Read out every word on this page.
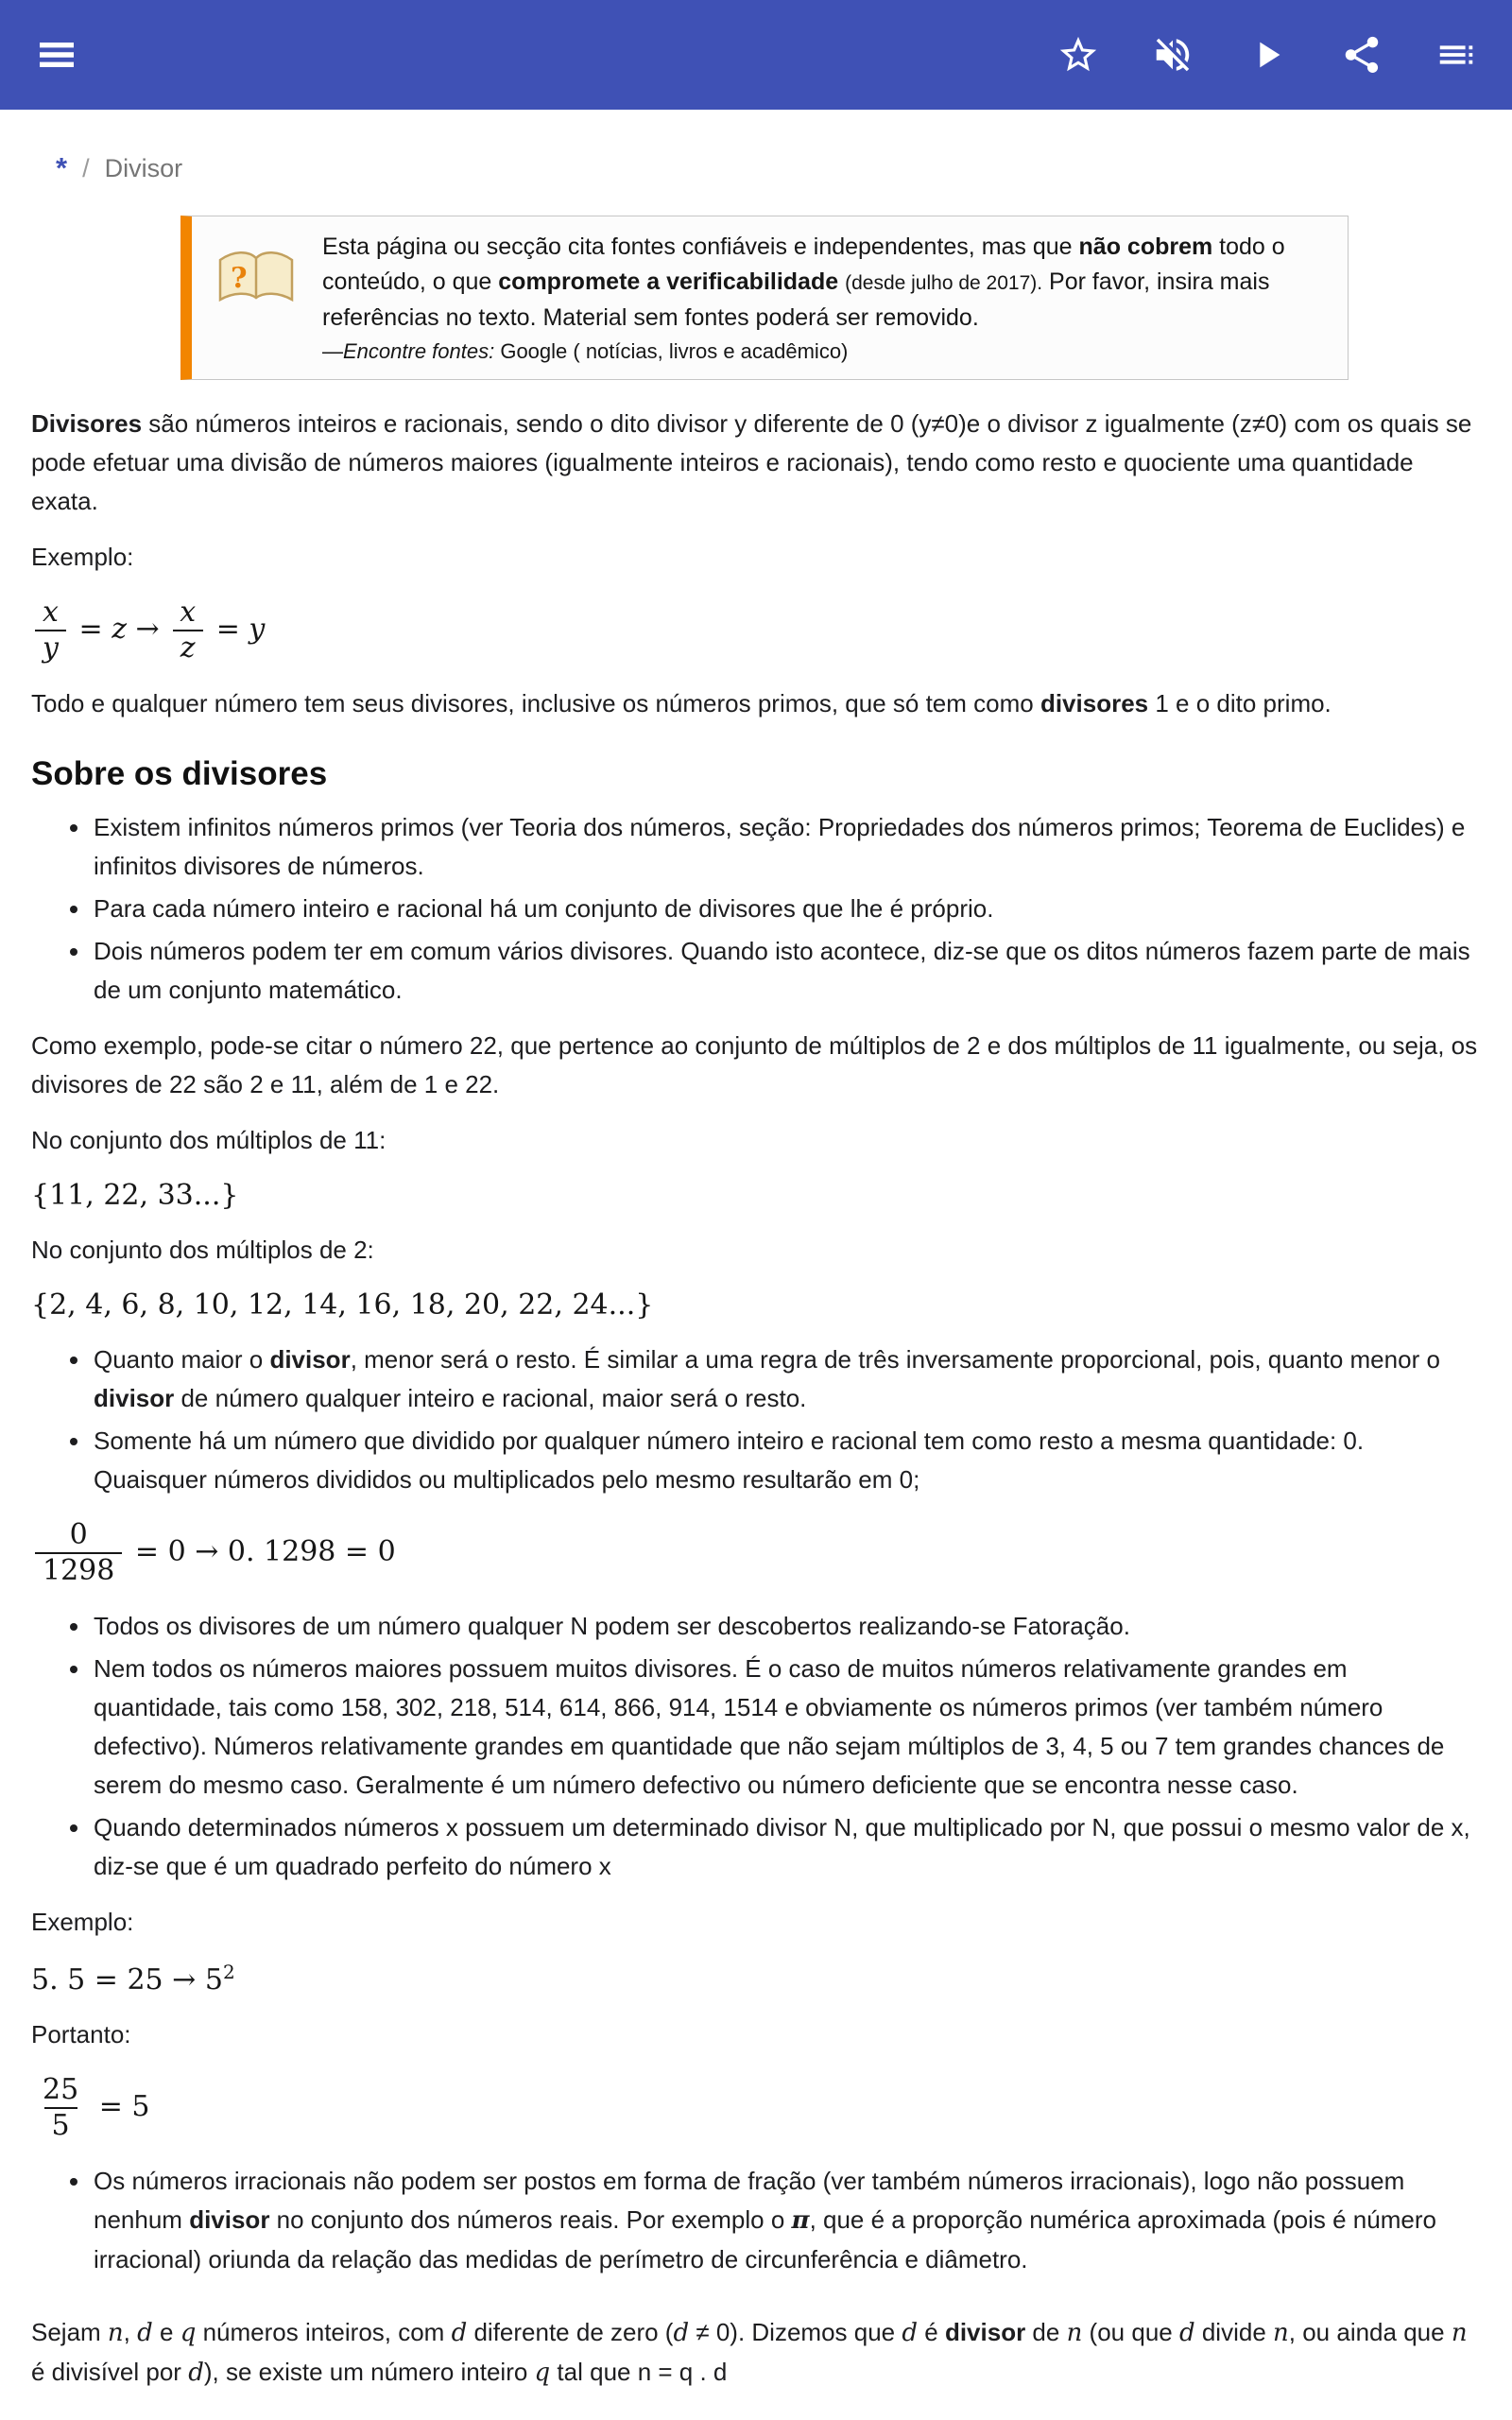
* / Divisor
?

Esta página ou secção cita fontes confiáveis e independentes, mas que não cobrem todo o conteúdo, o que compromete a verificabilidade (desde julho de 2017). Por favor, insira mais referências no texto. Material sem fontes poderá ser removido.

—Encontre fontes: Google ( notícias, livros e acadêmico)

Divisores são números inteiros e racionais, sendo o dito divisor y diferente de 0 (y≠0)e o divisor z igualmente (z≠0) com os quais se pode efetuar uma divisão de números maiores (igualmente inteiros e racionais), tendo como resto e quociente uma quantidade exata.

Exemplo:

$\frac{x}{y} = z \to \frac{x}{z} = y$

Todo e qualquer número tem seus divisores, inclusive os números primos, que só tem como divisores 1 e o dito primo.

Sobre os divisores
• Existem infinitos números primos (ver Teoria dos números, seção: Propriedades dos números primos; Teorema de Euclides) e infinitos divisores de números.
• Para cada número inteiro e racional há um conjunto de divisores que lhe é próprio.
• Dois números podem ter em comum vários divisores. Quando isto acontece, diz-se que os ditos números fazem parte de mais de um conjunto matemático.

Como exemplo, pode-se citar o número 22, que pertence ao conjunto de múltiplos de 2 e dos múltiplos de 11 igualmente, ou seja, os divisores de 22 são 2 e 11, além de 1 e 22.

No conjunto dos múltiplos de 11:

{11, 22, 33...}

No conjunto dos múltiplos de 2:

{2, 4, 6, 8, 10, 12, 14, 16, 18, 20, 22, 24...}
• Quanto maior o divisor, menor será o resto. É similar a uma regra de três inversamente proporcional, pois, quanto menor o divisor de número qualquer inteiro e racional, maior será o resto.
• Somente há um número que dividido por qualquer número inteiro e racional tem como resto a mesma quantidade: 0. Quaisquer números divididos ou multiplicados pelo mesmo resultarão em 0;
$\frac{0}{1298} = 0 \to 0$. 1298 = 0
• Todos os divisores de um número qualquer N podem ser descobertos realizando-se Fatoração.
• Nem todos os números maiores possuem muitos divisores. É o caso de muitos números relativamente grandes em quantidade, tais como 158, 302, 218, 514, 614, 866, 914, 1514 e obviamente os números primos (ver também número defectivo). Números relativamente grandes em quantidade que não sejam múltiplos de 3, 4, 5 ou 7 tem grandes chances de serem do mesmo caso. Geralmente é um número defectivo ou número deficiente que se encontra nesse caso.
• Quando determinados números x possuem um determinado divisor N, que multiplicado por N, que possui o mesmo valor de x, diz-se que é um quadrado perfeito do número x

Exemplo:

5. $5 = 25 \to 5^2$

Portanto:

$\frac{25}{5} = 5$
• Os números irracionais não podem ser postos em forma de fração (ver também números irracionais), logo não possuem nenhum divisor no conjunto dos números reais. Por exemplo o π, que é a proporção numérica aproximada (pois é número irracional) oriunda da relação das medidas de perímetro de circunferência e diâmetro.

Sejam n, d e q números inteiros, com d diferente de zero (d ≠ 0). Dizemos que d é divisor de n (ou que d divide n, ou ainda que n é divisível por d), se existe um número inteiro q tal que n = q . d
